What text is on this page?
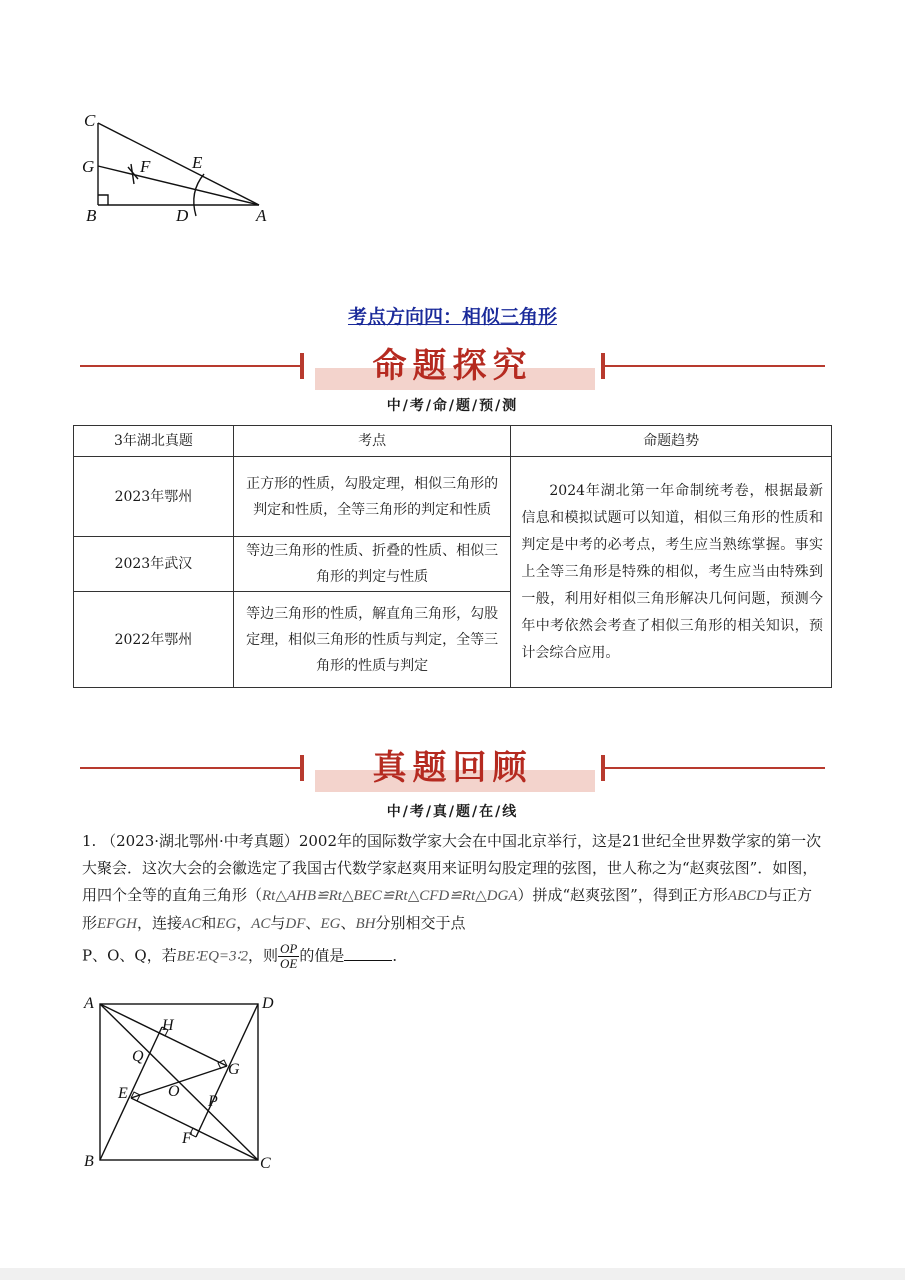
C
G	F E
B	D	A
考点方向四：相似三角形
命题探究
中/考/命/题/预/测
3年湖北真题	考点	命题趋势
2023年鄂州	正方形的性质，勾股定理，相似三角形的判定和性质，全等三角形的判定和性质	2024年湖北第一年命制统考卷，根据最新信息和模拟试题可以知道，相似三角形的性质和判定是中考的必考点，考生应当熟练掌握。事实上全等三角形是特殊的相似，考生应当由特殊到一般，利用好相似三角形解决几何问题，预测今年中考依然会考查了相似三角形的相关知识，预计会综合应用。

2023年武汉	等边三角形的性质、折叠的性质、相似三角形的判定与性质	
2022年鄂州	等边三角形的性质，解直角三角形，勾股定理，相似三角形的性质与判定，全等三角形的性质与判定	
真题回顾
中/考/真/题/在/线
1. （2023·湖北鄂州·中考真题）2002年的国际数学家大会在中国北京举行，这是21世纪全世界数学家的第一次大聚会．这次大会的会徽选定了我国古代数学家赵爽用来证明勾股定理的弦图，世人称之为“赵爽弦图”．如图，用四个全等的直角三角形（Rt△AHB≌Rt△BEC≌Rt△CFD≌Rt△DGA）拼成“赵爽弦图”，得到正方形ABCD与正方形EFGH，连接AC和EG，AC与DF、EG、BH分别相交于点
P、O、Q，若BE∶EQ=3∶2，则 $\frac{OP}{OE}$ 的值是	．
A	D
H
Q
G
E	O
P
F
B	C
